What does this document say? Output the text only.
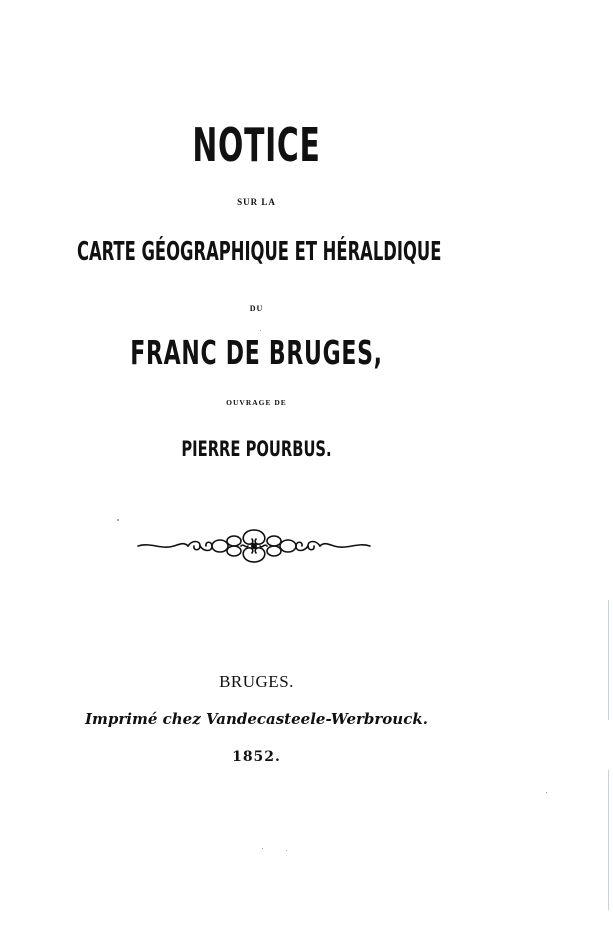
NOTICE
SUR LA
CARTE GÉOGRAPHIQUE ET HÉRALDIQUE
DU
FRANC DE BRUGES,
OUVRAGE DE
PIERRE POURBUS.
BRUGES.
Imprimé chez Vandecasteele-Werbrouck.
1852.
